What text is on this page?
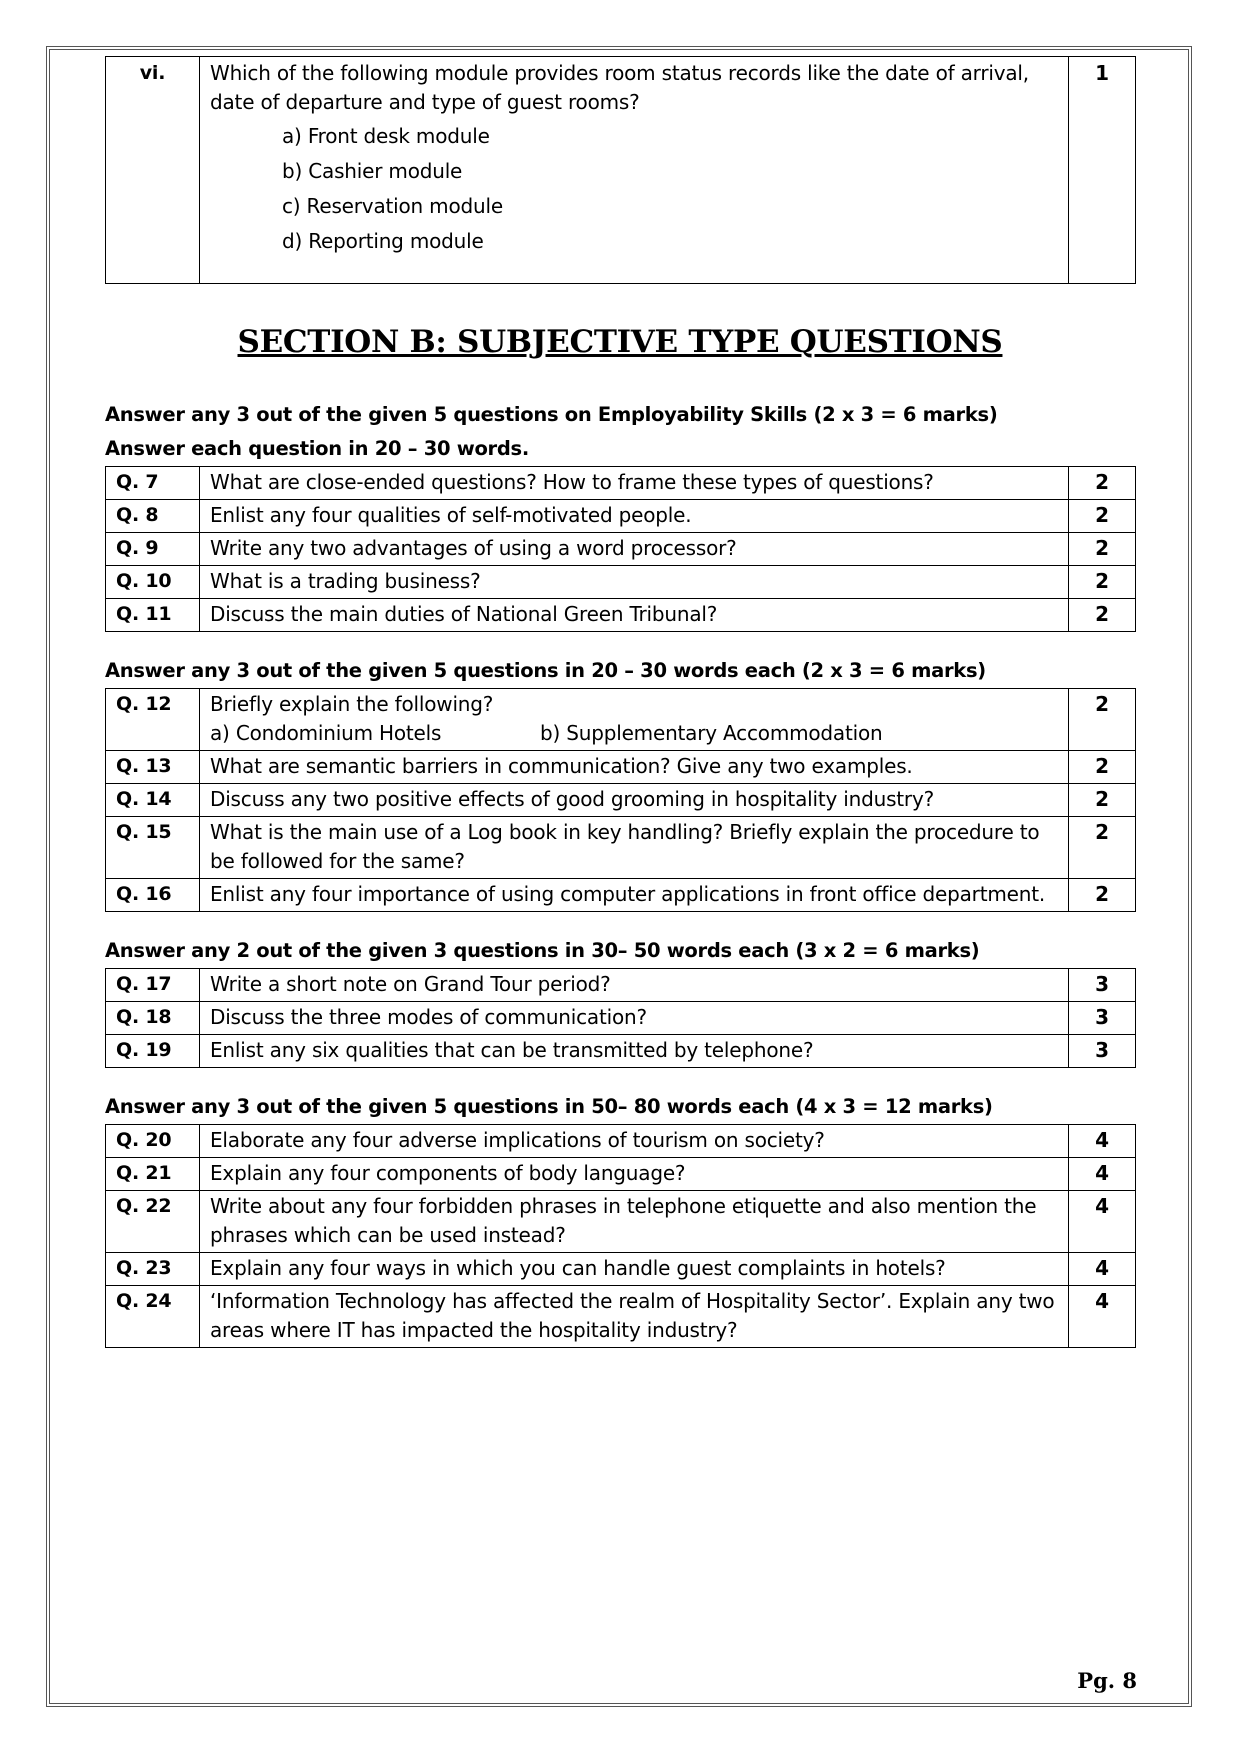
vi.	Which of the following module provides room status records like the date of arrival, date of departure and type of guest rooms?
a) Front desk module
b) Cashier module
c) Reservation module
d) Reporting module
	1
SECTION B: SUBJECTIVE TYPE QUESTIONS
Answer any 3 out of the given 5 questions on Employability Skills (2 x 3 = 6 marks)
Answer each question in 20 – 30 words.
Q. 7	What are close-ended questions? How to frame these types of questions?	2
Q. 8	Enlist any four qualities of self-motivated people.	2
Q. 9	Write any two advantages of using a word processor?	2
Q. 10	What is a trading business?	2
Q. 11	Discuss the main duties of National Green Tribunal?	2
Answer any 3 out of the given 5 questions in 20 – 30 words each (2 x 3 = 6 marks)
Q. 12	Briefly explain the following?
a) Condominium Hotels b) Supplementary Accommodation	2
Q. 13	What are semantic barriers in communication? Give any two examples.	2
Q. 14	Discuss any two positive effects of good grooming in hospitality industry?	2
Q. 15	What is the main use of a Log book in key handling? Briefly explain the procedure to be followed for the same?	2
Q. 16	Enlist any four importance of using computer applications in front office department.	2
Answer any 2 out of the given 3 questions in 30– 50 words each (3 x 2 = 6 marks)
Q. 17	Write a short note on Grand Tour period?	3
Q. 18	Discuss the three modes of communication?	3
Q. 19	Enlist any six qualities that can be transmitted by telephone?	3
Answer any 3 out of the given 5 questions in 50– 80 words each (4 x 3 = 12 marks)
Q. 20	Elaborate any four adverse implications of tourism on society?	4
Q. 21	Explain any four components of body language?	4
Q. 22	Write about any four forbidden phrases in telephone etiquette and also mention the phrases which can be used instead?	4
Q. 23	Explain any four ways in which you can handle guest complaints in hotels?	4
Q. 24	‘Information Technology has affected the realm of Hospitality Sector’. Explain any two areas where IT has impacted the hospitality industry?	4
Pg. 8
